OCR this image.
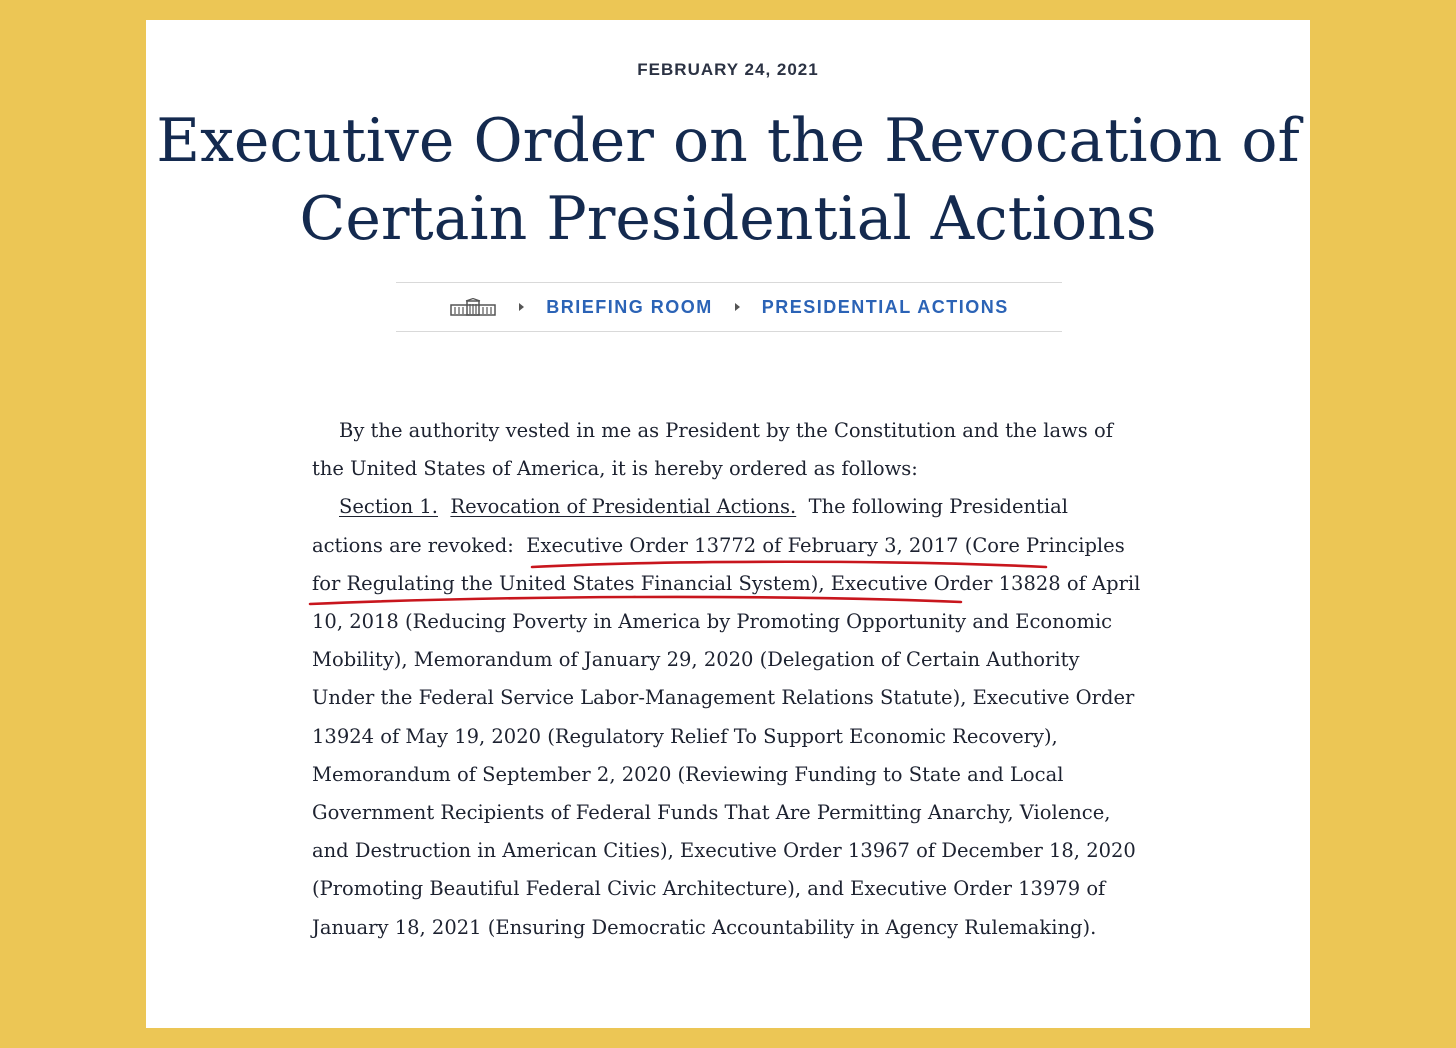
FEBRUARY 24, 2021
Executive Order on the Revocation of
Certain Presidential Actions
BRIEFING ROOM	PRESIDENTIAL ACTIONS

By the authority vested in me as President by the Constitution and the laws of the United States of America, it is hereby ordered as follows:

Section 1. Revocation of Presidential Actions. The following Presidential actions are revoked: Executive Order 13772 of February 3, 2017 (Core Principles for Regulating the United States Financial System), Executive Order 13828 of April 10, 2018 (Reducing Poverty in America by Promoting Opportunity and Economic Mobility), Memorandum of January 29, 2020 (Delegation of Certain Authority Under the Federal Service Labor-Management Relations Statute), Executive Order 13924 of May 19, 2020 (Regulatory Relief To Support Economic Recovery), Memorandum of September 2, 2020 (Reviewing Funding to State and Local Government Recipients of Federal Funds That Are Permitting Anarchy, Violence, and Destruction in American Cities), Executive Order 13967 of December 18, 2020 (Promoting Beautiful Federal Civic Architecture), and Executive Order 13979 of January 18, 2021 (Ensuring Democratic Accountability in Agency Rulemaking).
